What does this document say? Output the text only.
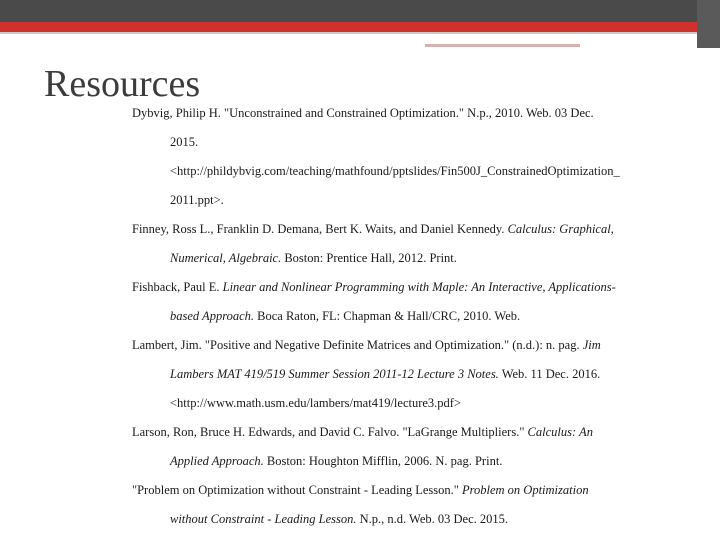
Resources
Dybvig, Philip H. "Unconstrained and Constrained Optimization." N.p., 2010. Web. 03 Dec.
2015.
<http://phildybvig.com/teaching/mathfound/pptslides/Fin500J_ConstrainedOptimization_
2011.ppt>.
Finney, Ross L., Franklin D. Demana, Bert K. Waits, and Daniel Kennedy. Calculus: Graphical,
Numerical, Algebraic. Boston: Prentice Hall, 2012. Print.
Fishback, Paul E. Linear and Nonlinear Programming with Maple: An Interactive, Applications-
based Approach. Boca Raton, FL: Chapman & Hall/CRC, 2010. Web.
Lambert, Jim. "Positive and Negative Definite Matrices and Optimization." (n.d.): n. pag. Jim
Lambers MAT 419/519 Summer Session 2011-12 Lecture 3 Notes. Web. 11 Dec. 2016.
<http://www.math.usm.edu/lambers/mat419/lecture3.pdf>
Larson, Ron, Bruce H. Edwards, and David C. Falvo. "LaGrange Multipliers." Calculus: An
Applied Approach. Boston: Houghton Mifflin, 2006. N. pag. Print.
"Problem on Optimization without Constraint - Leading Lesson." Problem on Optimization
without Constraint - Leading Lesson. N.p., n.d. Web. 03 Dec. 2015.
